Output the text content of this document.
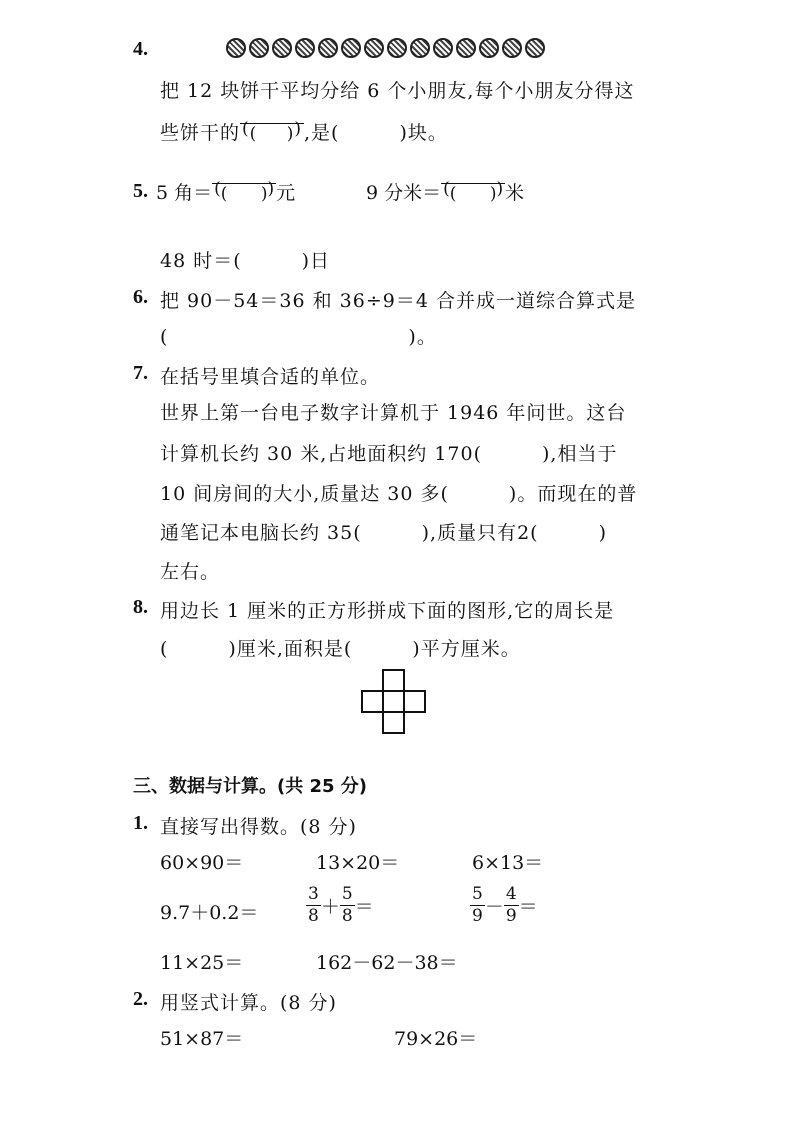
4.
把 12 块饼干平均分给 6 个小朋友,每个小朋友分得这
些饼干的	,是(　　　)块。
5. 5 角＝	元	9 分米＝	米
48 时＝(　　　)日
6. 把 90－54＝36 和 36÷9＝4 合并成一道综合算式是
(　　　　　　　　　　　　)。
7. 在括号里填合适的单位。
世界上第一台电子数字计算机于 1946 年问世。这台
计算机长约 30 米,占地面积约 170(　　　),相当于
10 间房间的大小,质量达 30 多(　　　)。而现在的普
通笔记本电脑长约 35(　　　),质量只有2(　　　)
左右。
8. 用边长 1 厘米的正方形拼成下面的图形,它的周长是
(　　　)厘米,面积是(　　　)平方厘米。
三、数据与计算。(共 25 分)
1. 直接写出得数。(8 分)
60×90＝	13×20＝	6×13＝
9.7＋0.2＝	$\frac{3}{8} + \frac{5}{8}$ ＝	$\frac{5}{9} - \frac{4}{9}$ ＝
11×25＝	162－62－38＝
2. 用竖式计算。(8 分)
51×87＝	79×26＝
